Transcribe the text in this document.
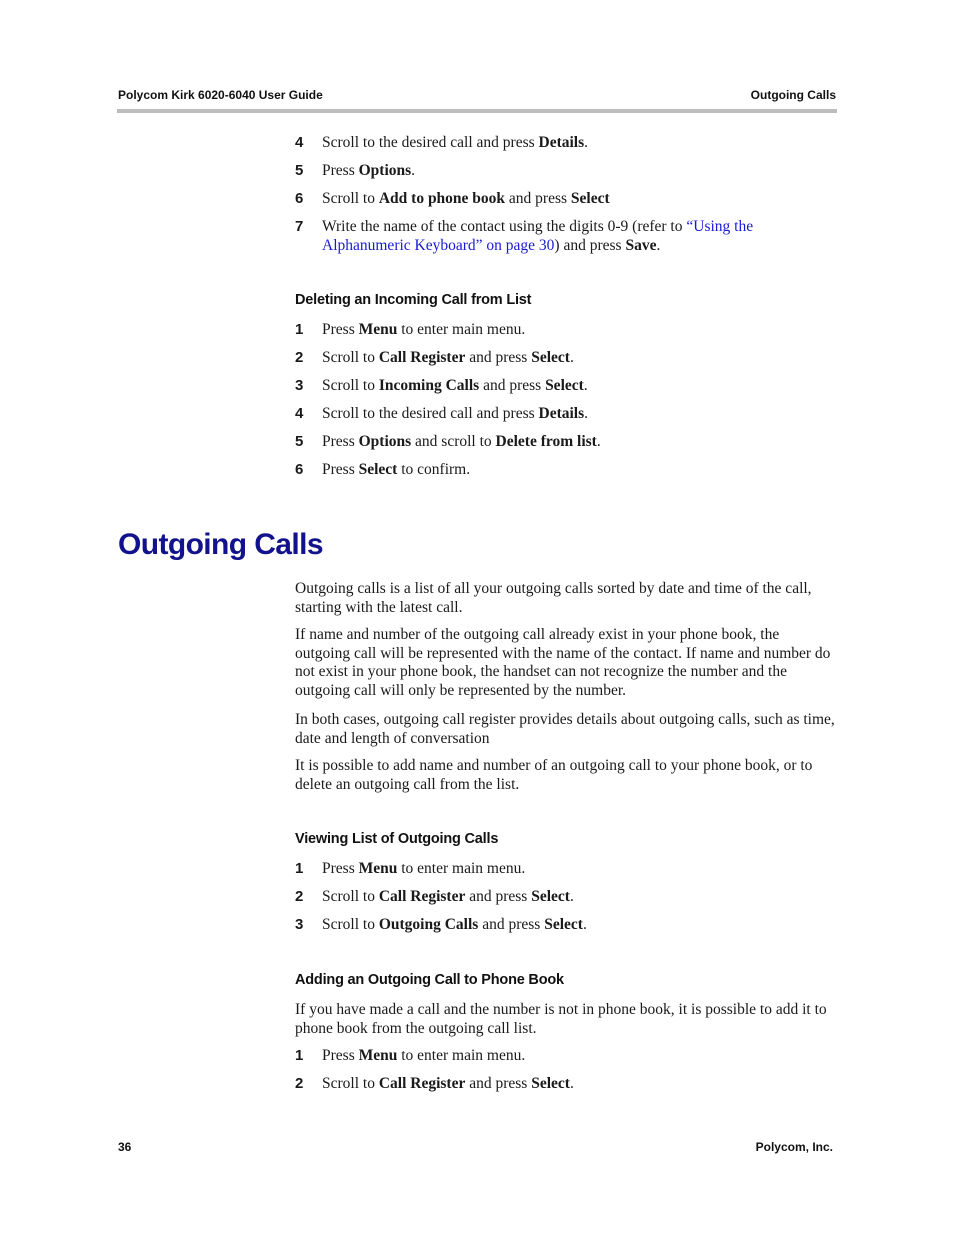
Polycom Kirk 6020-6040 User Guide	Outgoing Calls
4 Scroll to the desired call and press Details.
5 Press Options.
6 Scroll to Add to phone book and press Select
7 Write the name of the contact using the digits 0-9 (refer to “Using the Alphanumeric Keyboard” on page 30) and press Save.
Deleting an Incoming Call from List
1 Press Menu to enter main menu.
2 Scroll to Call Register and press Select.
3 Scroll to Incoming Calls and press Select.
4 Scroll to the desired call and press Details.
5 Press Options and scroll to Delete from list.
6 Press Select to confirm.
Outgoing Calls
Outgoing calls is a list of all your outgoing calls sorted by date and time of the call, starting with the latest call.
If name and number of the outgoing call already exist in your phone book, the outgoing call will be represented with the name of the contact. If name and number do not exist in your phone book, the handset can not recognize the number and the outgoing call will only be represented by the number.
In both cases, outgoing call register provides details about outgoing calls, such as time, date and length of conversation
It is possible to add name and number of an outgoing call to your phone book, or to delete an outgoing call from the list.
Viewing List of Outgoing Calls
1 Press Menu to enter main menu.
2 Scroll to Call Register and press Select.
3 Scroll to Outgoing Calls and press Select.
Adding an Outgoing Call to Phone Book
If you have made a call and the number is not in phone book, it is possible to add it to phone book from the outgoing call list.
1 Press Menu to enter main menu.
2 Scroll to Call Register and press Select.
36	Polycom, Inc.
